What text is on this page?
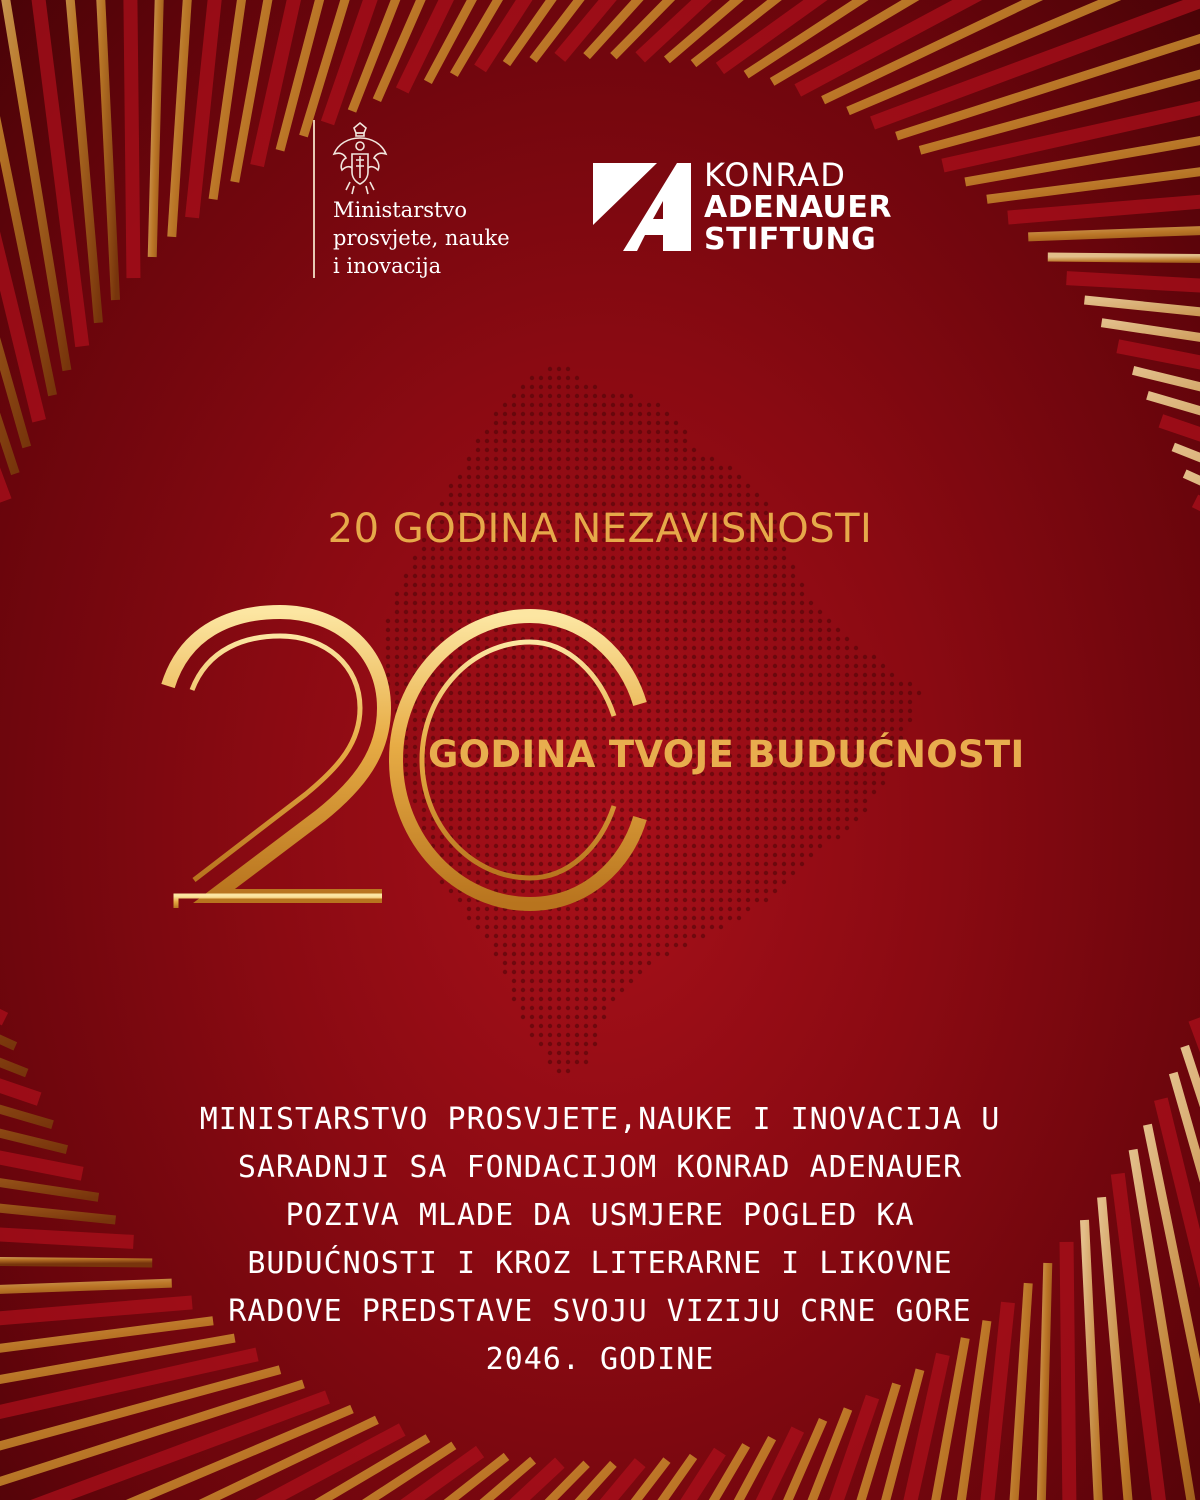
Ministarstvo
prosvjete, nauke
i inovacija
KONRAD
ADENAUER
STIFTUNG
20 GODINA NEZAVISNOSTI
GODINA TVOJE BUDUĆNOSTI
MINISTARSTVO PROSVJETE,NAUKE I INOVACIJA U
SARADNJI SA FONDACIJOM KONRAD ADENAUER
POZIVA MLADE DA USMJERE POGLED KA
BUDUĆNOSTI I KROZ LITERARNE I LIKOVNE
RADOVE PREDSTAVE SVOJU VIZIJU CRNE GORE
2046. GODINE
